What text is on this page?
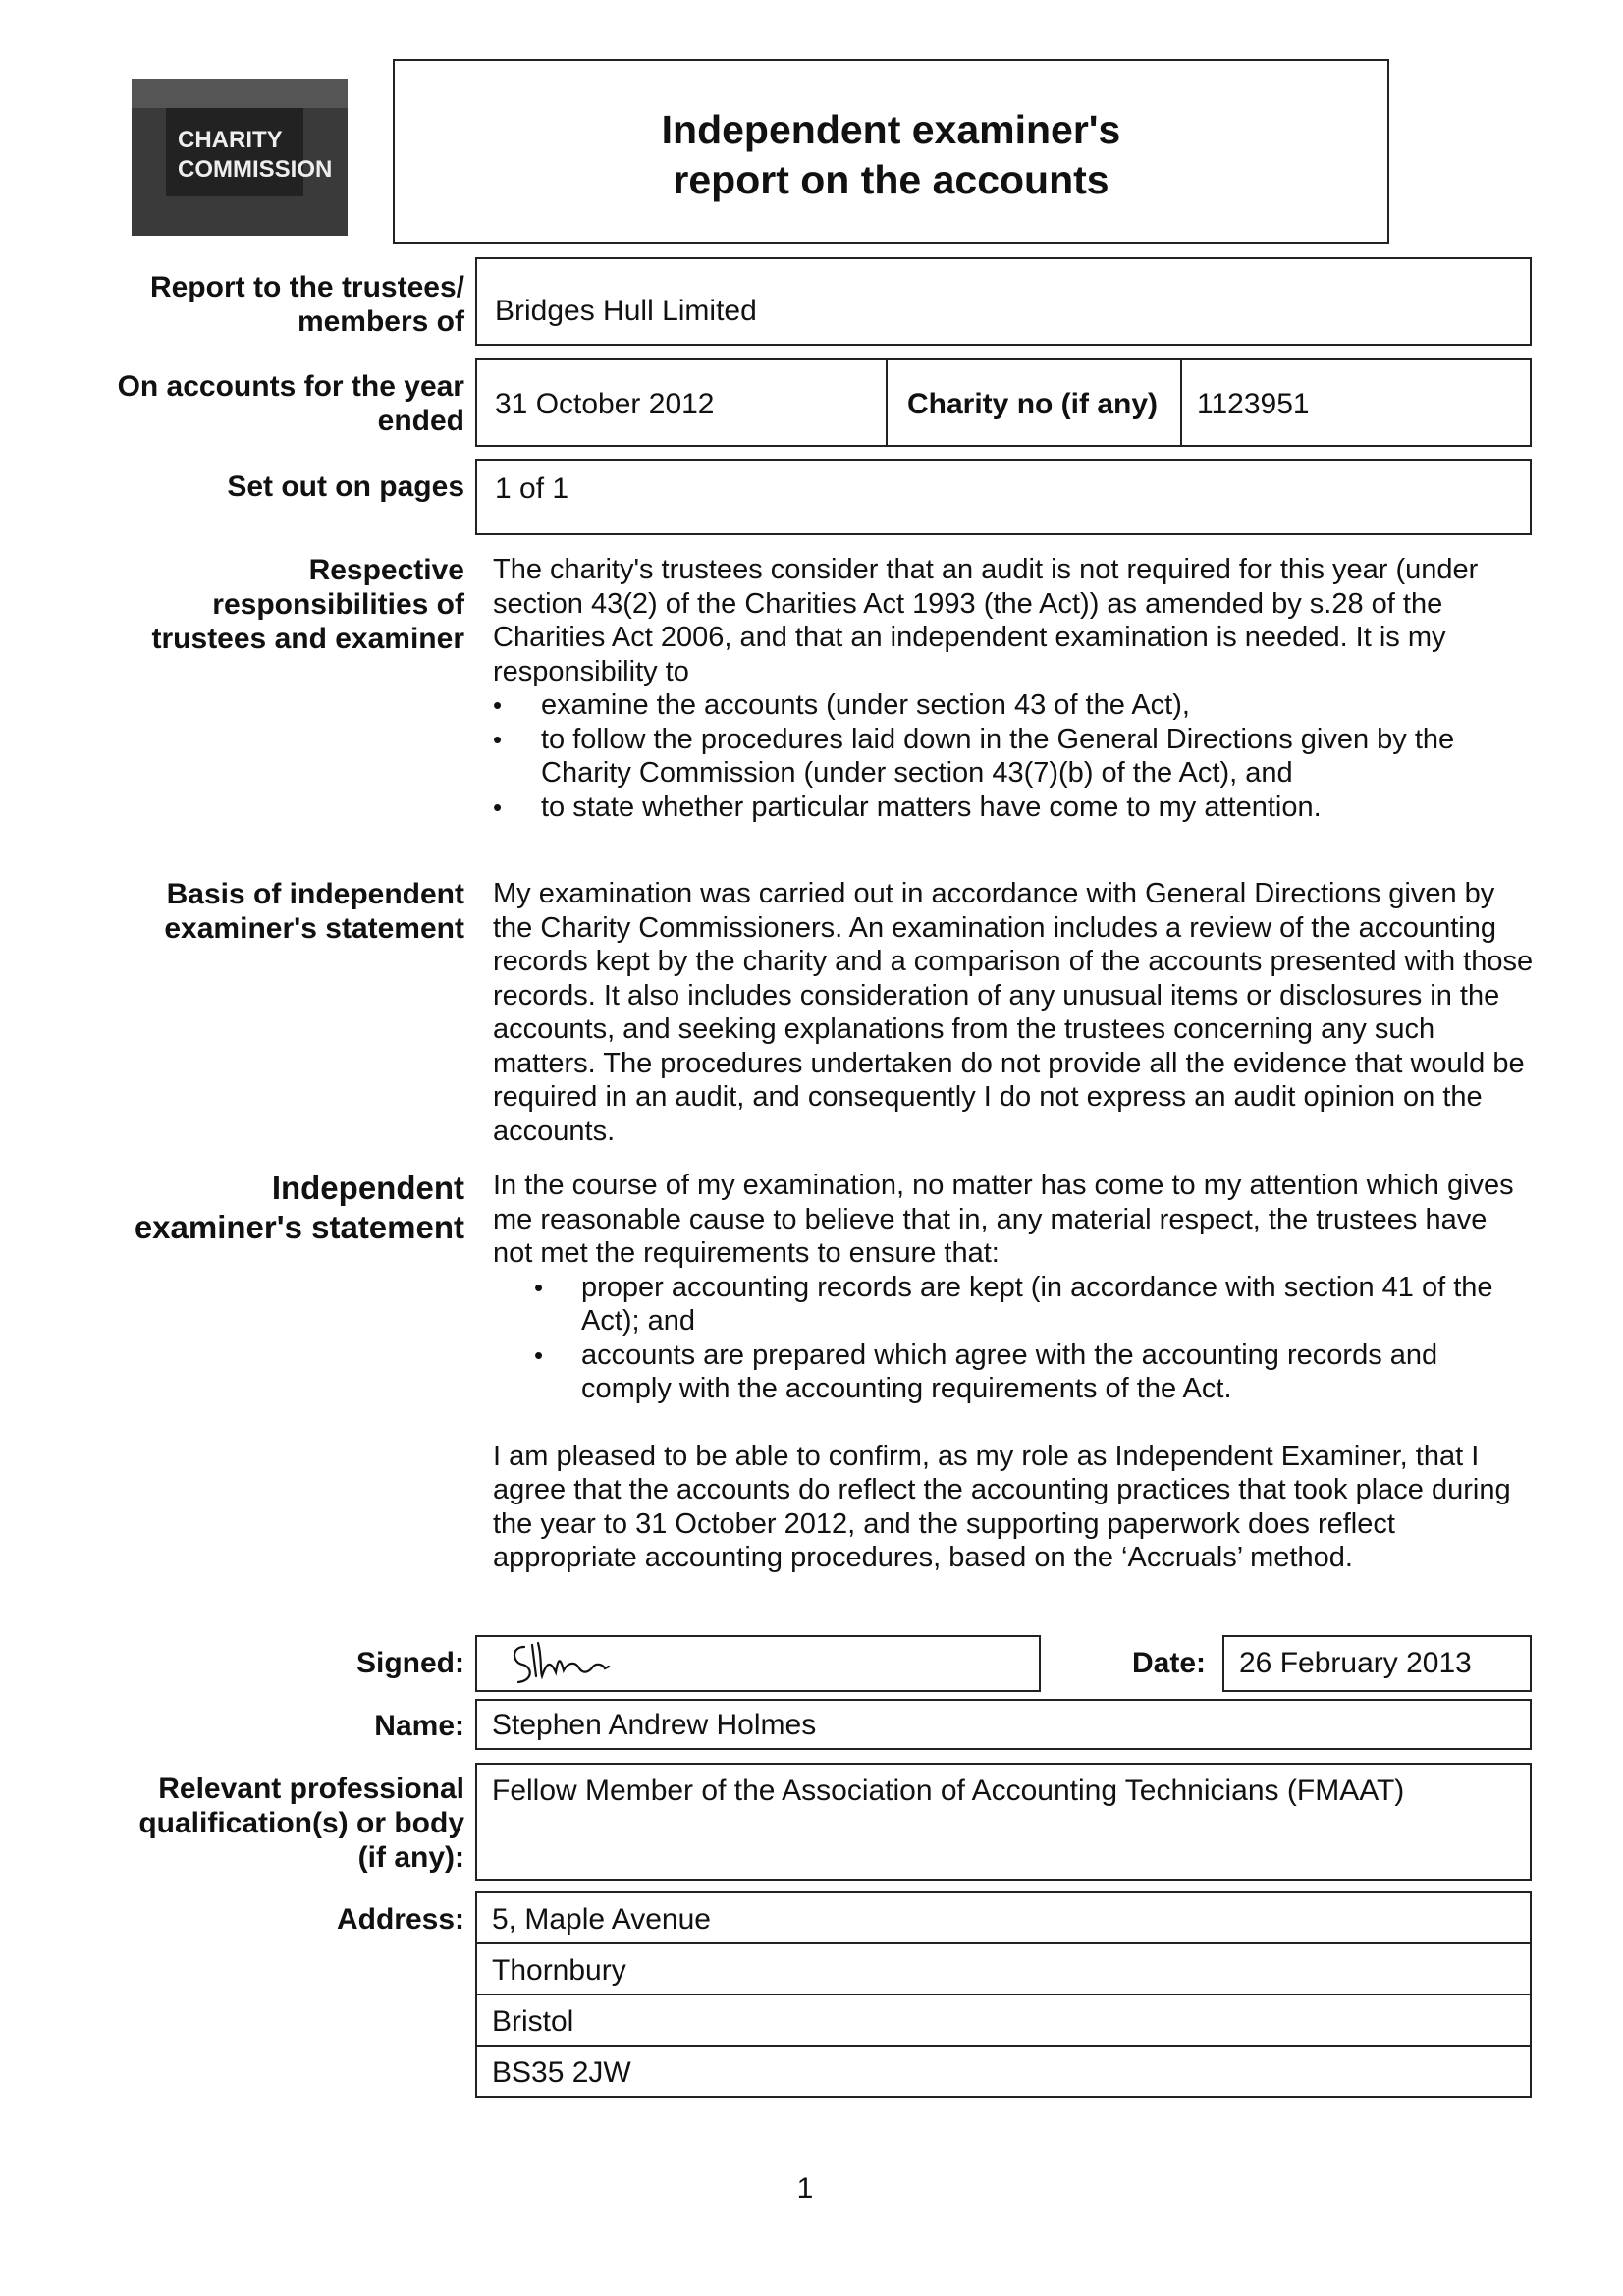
CHARITY
COMMISSION
Independent examiner's
report on the accounts
Report to the trustees/
members of Bridges Hull Limited
On accounts for the year
ended
31 October 2012	Charity no (if any) 1123951
Set out on pages 1 of 1
Respective
responsibilities of
trustees and examiner

The charity's trustees consider that an audit is not required for this year (under section 43(2) of the Charities Act 1993 (the Act)) as amended by s.28 of the Charities Act 2006, and that an independent examination is needed. It is my responsibility to

• examine the accounts (under section 43 of the Act),
• to follow the procedures laid down in the General Directions given by the Charity Commission (under section 43(7)(b) of the Act), and
• to state whether particular matters have come to my attention.
Basis of independent
examiner's statement
My examination was carried out in accordance with General Directions given by the Charity Commissioners. An examination includes a review of the accounting records kept by the charity and a comparison of the accounts presented with those records. It also includes consideration of any unusual items or disclosures in the accounts, and seeking explanations from the trustees concerning any such matters. The procedures undertaken do not provide all the evidence that would be required in an audit, and consequently I do not express an audit opinion on the accounts.
Independent
examiner's statement

In the course of my examination, no matter has come to my attention which gives me reasonable cause to believe that in, any material respect, the trustees have not met the requirements to ensure that:

• proper accounting records are kept (in accordance with section 41 of the Act); and
• accounts are prepared which agree with the accounting records and comply with the accounting requirements of the Act.

I am pleased to be able to confirm, as my role as Independent Examiner, that I agree that the accounts do reflect the accounting practices that took place during the year to 31 October 2012, and the supporting paperwork does reflect appropriate accounting procedures, based on the ‘Accruals’ method.

Signed:	Date: 26 February 2013
Name: Stephen Andrew Holmes
Relevant professional
qualification(s) or body
(if any):
Fellow Member of the Association of Accounting Technicians (FMAAT)
Address: 5, Maple Avenue
Thornbury
Bristol
BS35 2JW
1
